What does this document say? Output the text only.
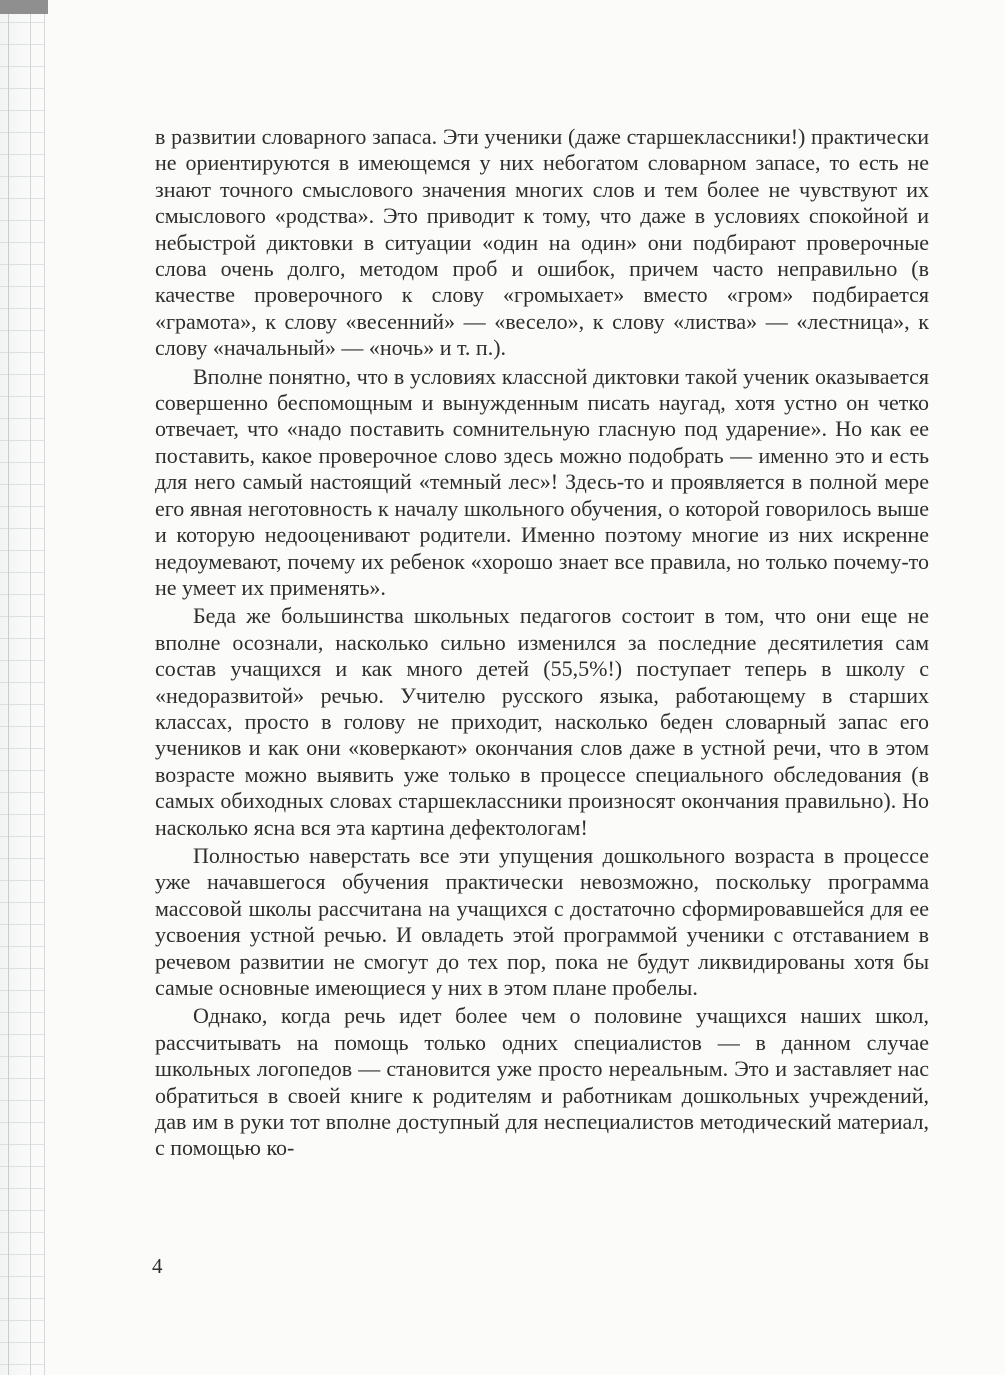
в развитии словарного запаса. Эти ученики (даже старшеклассники!) практически не ориентируются в имеющемся у них небогатом словарном запасе, то есть не знают точного смыслового значения многих слов и тем более не чувствуют их смыслового «родства». Это приводит к тому, что даже в условиях спокойной и небыстрой диктовки в ситуации «один на один» они подбирают проверочные слова очень долго, методом проб и ошибок, причем часто неправильно (в качестве проверочного к слову «громыхает» вместо «гром» подбирается «грамота», к слову «весенний» — «весело», к слову «листва» — «лестница», к слову «начальный» — «ночь» и т. п.).

Вполне понятно, что в условиях классной диктовки такой ученик оказывается совершенно беспомощным и вынужденным писать наугад, хотя устно он четко отвечает, что «надо поставить сомнительную гласную под ударение». Но как ее поставить, какое проверочное слово здесь можно подобрать — именно это и есть для него самый настоящий «темный лес»! Здесь-то и проявляется в полной мере его явная неготовность к началу школьного обучения, о которой говорилось выше и которую недооценивают родители. Именно поэтому многие из них искренне недоумевают, почему их ребенок «хорошо знает все правила, но только почему-то не умеет их применять».

Беда же большинства школьных педагогов состоит в том, что они еще не вполне осознали, насколько сильно изменился за последние десятилетия сам состав учащихся и как много детей (55,5%!) поступает теперь в школу с «недоразвитой» речью. Учителю русского языка, работающему в старших классах, просто в голову не приходит, насколько беден словарный запас его учеников и как они «коверкают» окончания слов даже в устной речи, что в этом возрасте можно выявить уже только в процессе специального обследования (в самых обиходных словах старшеклассники произносят окончания правильно). Но насколько ясна вся эта картина дефектологам!

Полностью наверстать все эти упущения дошкольного возраста в процессе уже начавшегося обучения практически невозможно, поскольку программа массовой школы рассчитана на учащихся с достаточно сформировавшейся для ее усвоения устной речью. И овладеть этой программой ученики с отставанием в речевом развитии не смогут до тех пор, пока не будут ликвидированы хотя бы самые основные имеющиеся у них в этом плане пробелы.

Однако, когда речь идет более чем о половине учащихся наших школ, рассчитывать на помощь только одних специалистов — в данном случае школьных логопедов — становится уже просто нереальным. Это и заставляет нас обратиться в своей книге к родителям и работникам дошкольных учреждений, дав им в руки тот вполне доступный для неспециалистов методический материал, с помощью ко-

4
